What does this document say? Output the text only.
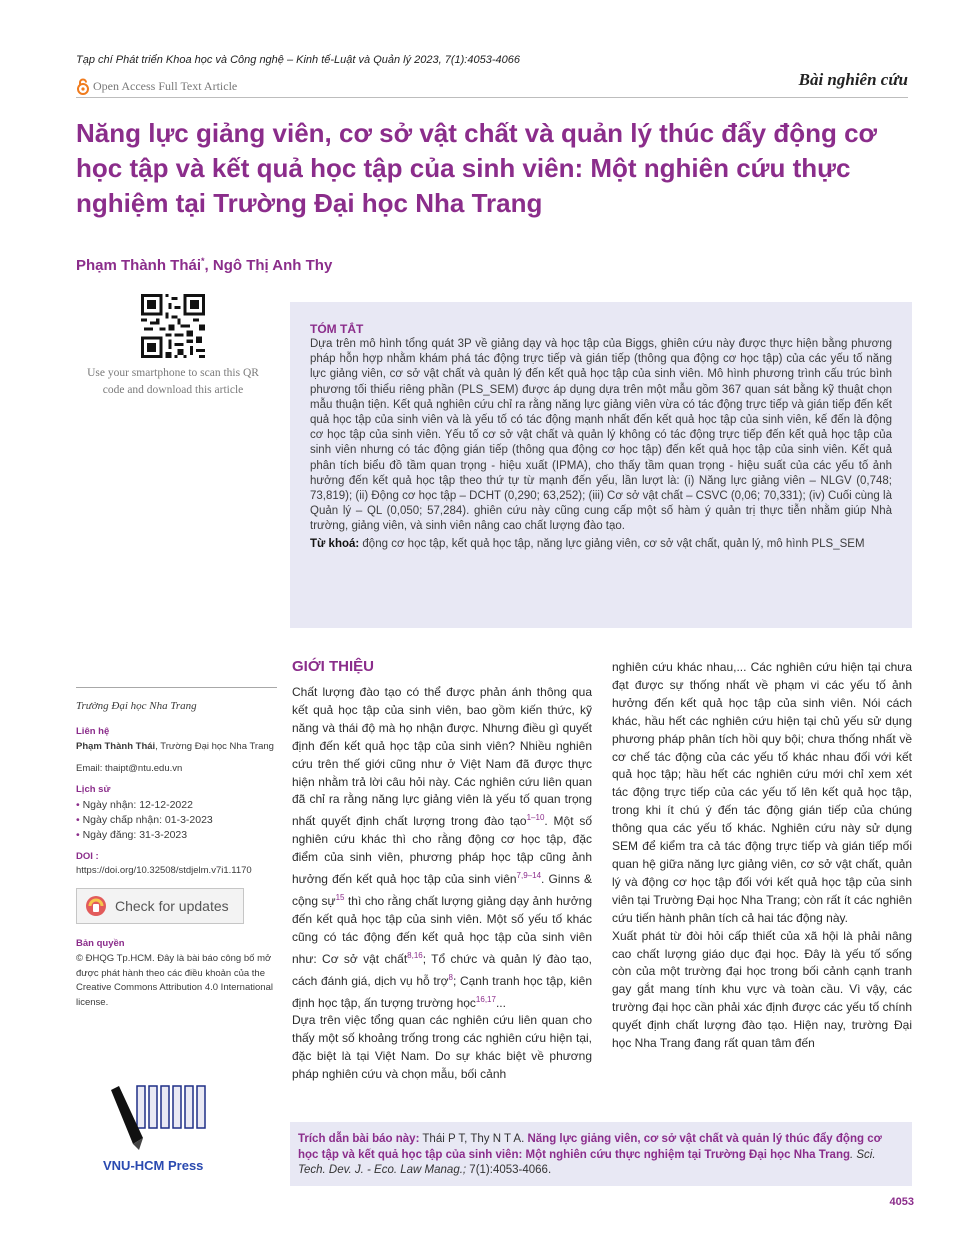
Tạp chí Phát triển Khoa học và Công nghệ – Kinh tế-Luật và Quản lý 2023, 7(1):4053-4066
Open Access Full Text Article	Bài nghiên cứu
Năng lực giảng viên, cơ sở vật chất và quản lý thúc đẩy động cơ học tập và kết quả học tập của sinh viên: Một nghiên cứu thực nghiệm tại Trường Đại học Nha Trang
Phạm Thành Thái*, Ngô Thị Anh Thy
Use your smartphone to scan this QR code and download this article
TÓM TẮT
Dựa trên mô hình tổng quát 3P về giảng dạy và học tập của Biggs, ghiên cứu này được thực hiện bằng phương pháp hỗn hợp nhằm khám phá tác động trực tiếp và gián tiếp (thông qua động cơ học tập) của các yếu tố năng lực giảng viên, cơ sở vật chất và quản lý đến kết quả học tập của sinh viên. Mô hình phương trình cấu trúc bình phương tối thiểu riêng phần (PLS_SEM) được áp dụng dựa trên một mẫu gồm 367 quan sát bằng kỹ thuật chọn mẫu thuận tiện. Kết quả nghiên cứu chỉ ra rằng năng lực giảng viên vừa có tác động trực tiếp và gián tiếp đến kết quả học tập của sinh viên và là yếu tố có tác động mạnh nhất đến kết quả học tập của sinh viên, kế đến là động cơ học tập của sinh viên. Yếu tố cơ sở vật chất và quản lý không có tác động trực tiếp đến kết quả học tập của sinh viên nhưng có tác động gián tiếp (thông qua động cơ học tập) đến kết quả học tập của sinh viên. Kết quả phân tích biểu đồ tầm quan trọng - hiệu xuất (IPMA), cho thấy tầm quan trọng - hiệu suất của các yếu tố ảnh hưởng đến kết quả học tập theo thứ tự từ mạnh đến yếu, lần lượt là: (i) Năng lực giảng viên – NLGV (0,748; 73,819); (ii) Động cơ học tập – DCHT (0,290; 63,252); (iii) Cơ sở vật chất – CSVC (0,06; 70,331); (iv) Cuối cùng là Quản lý – QL (0,050; 57,284). ghiên cứu này cũng cung cấp một số hàm ý quản trị thực tiễn nhằm giúp Nhà trường, giảng viên, và sinh viên nâng cao chất lượng đào tạo.
Từ khoá: động cơ học tập, kết quả học tập, năng lực giảng viên, cơ sở vật chất, quản lý, mô hình PLS_SEM
Trường Đại học Nha Trang
Liên hệ
Phạm Thành Thái, Trường Đại học Nha Trang
Email: thaipt@ntu.edu.vn
Lịch sử
• Ngày nhận: 12-12-2022
• Ngày chấp nhận: 01-3-2023
• Ngày đăng: 31-3-2023
DOI :
https://doi.org/10.32508/stdjelm.v7i1.1170
Check for updates
Bản quyền
© ĐHQG Tp.HCM. Đây là bài báo công bố mở được phát hành theo các điều khoản của the Creative Commons Attribution 4.0 International license.
VNU-HCM Press
GIỚI THIỆU

Chất lượng đào tạo có thể được phản ánh thông qua kết quả học tập của sinh viên, bao gồm kiến thức, kỹ năng và thái độ mà họ nhận được. Nhưng điều gì quyết định đến kết quả học tập của sinh viên? Nhiều nghiên cứu trên thế giới cũng như ở Việt Nam đã được thực hiện nhằm trả lời câu hỏi này. Các nghiên cứu liên quan đã chỉ ra rằng năng lực giảng viên là yếu tố quan trọng nhất quyết định chất lượng trong đào tạo$^{1-10}$. Một số nghiên cứu khác thì cho rằng động cơ học tập, đặc điểm của sinh viên, phương pháp học tập cũng ảnh hưởng đến kết quả học tập của sinh viên$^{7,9-14}$. Ginns & cộng sự$^{15}$ thì cho rằng chất lượng giảng dạy ảnh hưởng đến kết quả học tập của sinh viên. Một số yếu tố khác cũng có tác động đến kết quả học tập của sinh viên như: Cơ sở vật chất$^{8,16}$; Tổ chức và quản lý đào tạo, cách đánh giá, dịch vụ hỗ trợ$^8$; Cạnh tranh học tập, kiên định học tập, ấn tượng trường học$^{16,17}$...

Dựa trên việc tổng quan các nghiên cứu liên quan cho thấy một số khoảng trống trong các nghiên cứu hiện tại, đặc biệt là tại Việt Nam. Do sự khác biệt về phương pháp nghiên cứu và chọn mẫu, bối cảnh

nghiên cứu khác nhau,... Các nghiên cứu hiện tại chưa đạt được sự thống nhất về phạm vi các yếu tố ảnh hưởng đến kết quả học tập của sinh viên. Nói cách khác, hầu hết các nghiên cứu hiện tại chủ yếu sử dụng phương pháp phân tích hồi quy bội; chưa thống nhất về cơ chế tác động của các yếu tố khác nhau đối với kết quả học tập; hầu hết các nghiên cứu mới chỉ xem xét tác động trực tiếp của các yếu tố lên kết quả học tập, trong khi ít chú ý đến tác động gián tiếp của chúng thông qua các yếu tố khác. Nghiên cứu này sử dụng SEM để kiểm tra cả tác động trực tiếp và gián tiếp mối quan hệ giữa năng lực giảng viên, cơ sở vật chất, quản lý và động cơ học tập đối với kết quả học tập của sinh viên tại Trường Đại học Nha Trang; còn rất ít các nghiên cứu tiến hành phân tích cả hai tác động này.

Xuất phát từ đòi hỏi cấp thiết của xã hội là phải nâng cao chất lượng giáo dục đại học. Đây là yếu tố sống còn của một trường đại học trong bối cảnh cạnh tranh gay gắt mang tính khu vực và toàn cầu. Vì vậy, các trường đại học cần phải xác định được các yếu tố chính quyết định chất lượng đào tạo. Hiện nay, trường Đại học Nha Trang đang rất quan tâm đến

Trích dẫn bài báo này: Thái P T, Thy N T A. Năng lực giảng viên, cơ sở vật chất và quản lý thúc đẩy động cơ học tập và kết quả học tập của sinh viên: Một nghiên cứu thực nghiệm tại Trường Đại học Nha Trang. Sci. Tech. Dev. J. - Eco. Law Manag.; 7(1):4053-4066.
4053
